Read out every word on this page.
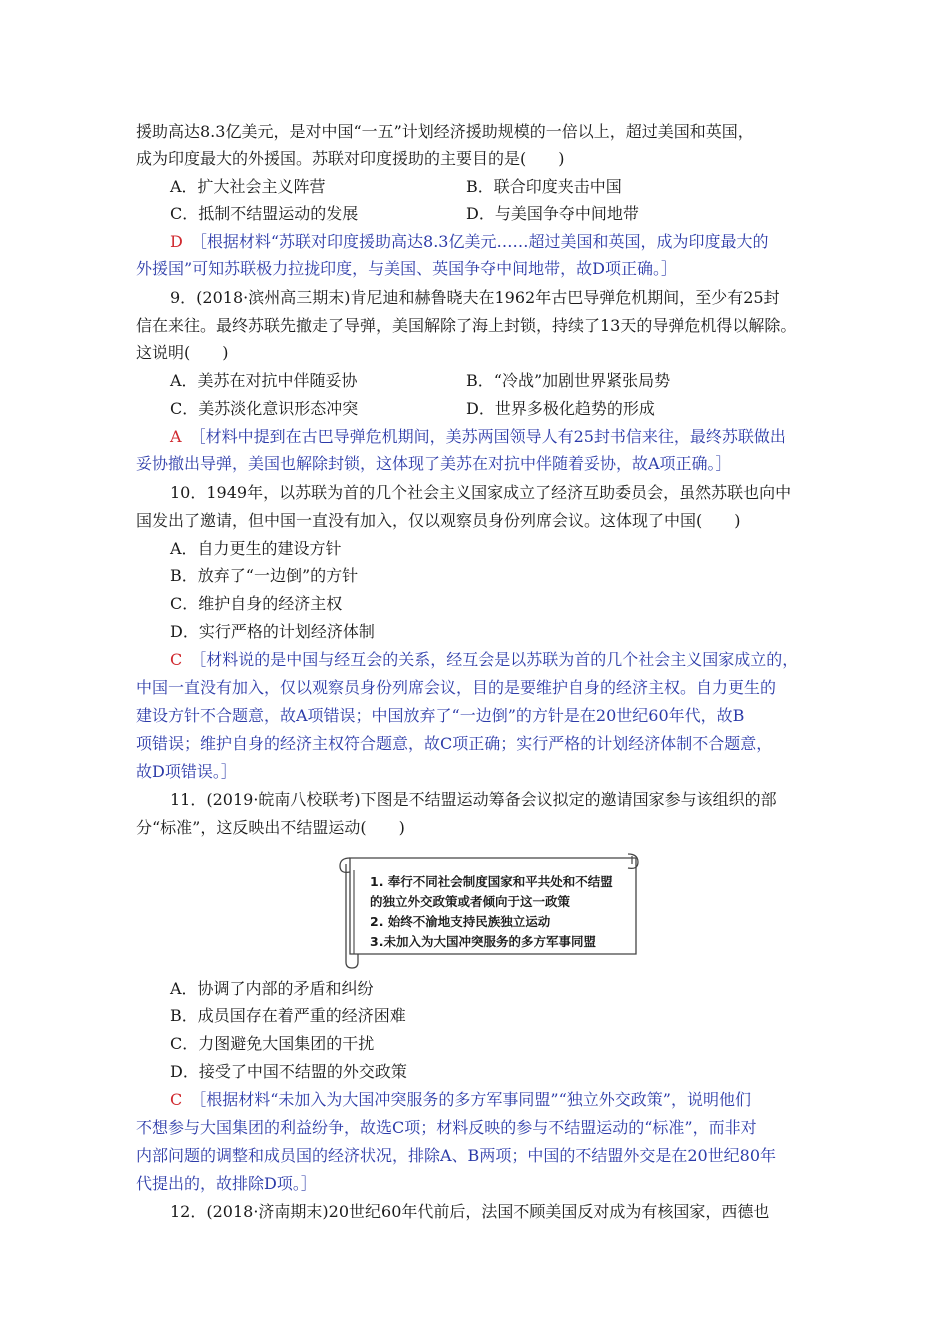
援助高达8.3亿美元，是对中国“一五”计划经济援助规模的一倍以上，超过美国和英国，
成为印度最大的外援国。苏联对印度援助的主要目的是(　　)
A．扩大社会主义阵营	B．联合印度夹击中国
C．抵制不结盟运动的发展	D．与美国争夺中间地带
D  ［根据材料“苏联对印度援助高达8.3亿美元……超过美国和英国，成为印度最大的
外援国”可知苏联极力拉拢印度，与美国、英国争夺中间地带，故D项正确。］
9．(2018·滨州高三期末)肯尼迪和赫鲁晓夫在1962年古巴导弹危机期间，至少有25封
信在来往。最终苏联先撤走了导弹，美国解除了海上封锁，持续了13天的导弹危机得以解除。
这说明(　　)
A．美苏在对抗中伴随妥协	B．“冷战”加剧世界紧张局势
C．美苏淡化意识形态冲突	D．世界多极化趋势的形成
A  ［材料中提到在古巴导弹危机期间，美苏两国领导人有25封书信来往，最终苏联做出
妥协撤出导弹，美国也解除封锁，这体现了美苏在对抗中伴随着妥协，故A项正确。］
10．1949年，以苏联为首的几个社会主义国家成立了经济互助委员会，虽然苏联也向中
国发出了邀请，但中国一直没有加入，仅以观察员身份列席会议。这体现了中国(　　)
A．自力更生的建设方针
B．放弃了“一边倒”的方针
C．维护自身的经济主权
D．实行严格的计划经济体制
C  ［材料说的是中国与经互会的关系，经互会是以苏联为首的几个社会主义国家成立的，
中国一直没有加入，仅以观察员身份列席会议，目的是要维护自身的经济主权。自力更生的
建设方针不合题意，故A项错误；中国放弃了“一边倒”的方针是在20世纪60年代，故B
项错误；维护自身的经济主权符合题意，故C项正确；实行严格的计划经济体制不合题意，
故D项错误。］
11．(2019·皖南八校联考)下图是不结盟运动筹备会议拟定的邀请国家参与该组织的部
分“标准”，这反映出不结盟运动(　　)
1. 奉行不同社会制度国家和平共处和不结盟
的独立外交政策或者倾向于这一政策
2. 始终不渝地支持民族独立运动
3.未加入为大国冲突服务的多方军事同盟
A．协调了内部的矛盾和纠纷
B．成员国存在着严重的经济困难
C．力图避免大国集团的干扰
D．接受了中国不结盟的外交政策
C  ［根据材料“未加入为大国冲突服务的多方军事同盟”“独立外交政策”，说明他们
不想参与大国集团的利益纷争，故选C项；材料反映的参与不结盟运动的“标准”，而非对
内部问题的调整和成员国的经济状况，排除A、B两项；中国的不结盟外交是在20世纪80年
代提出的，故排除D项。］
12．(2018·济南期末)20世纪60年代前后，法国不顾美国反对成为有核国家，西德也
